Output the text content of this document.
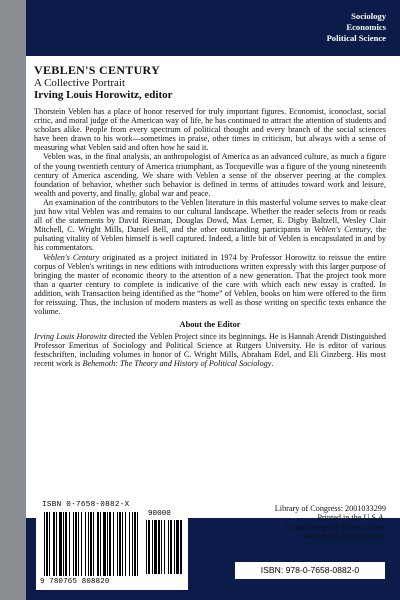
Sociology
Economics
Political Science
VEBLEN'S CENTURY
A Collective Portrait
Irving Louis Horowitz, editor

Thorstein Veblen has a place of honor reserved for truly important figures. Economist, iconoclast, social critic, and moral judge of the American way of life, he has continued to attract the attention of students and scholars alike. People from every spectrum of political thought and every branch of the social sciences have been drawn to his work—sometimes in praise, other times in criticism, but always with a sense of measuring what Veblen said and often how he said it.

Veblen was, in the final analysis, an anthropologist of America as an advanced culture, as much a figure of the young twentieth century of America triumphant, as Tocqueville was a figure of the young nineteenth century of America ascending. We share with Veblen a sense of the observer peering at the complex foundation of behavior, whether such behavior is defined in terms of attitudes toward work and leisure, wealth and poverty, and finally, global war and peace.

An examination of the contributors to the Veblen literature in this masterful volume serves to make clear just how vital Veblen was and remains to our cultural landscape. Whether the reader selects from or reads all of the statements by David Riesman, Douglas Dowd, Max Lerner, E. Digby Baltzell, Wesley Clair Mitchell, C. Wright Mills, Daniel Bell, and the other outstanding participants in Veblen's Century, the pulsating vitality of Veblen himself is well captured. Indeed, a little bit of Veblen is encapsulated in and by his commentators.

Veblen's Century originated as a project initiated in 1974 by Professor Horowitz to reissue the entire corpus of Veblen's writings in new editions with introductions written expressly with this larger purpose of bringing the master of economic theory to the attention of a new generation. That the project took more than a quarter century to complete is indicative of the care with which each new essay is crafted. In addition, with Transaction being identified as the “home” of Veblen, books on him were offered to the firm for reissuing. Thus, the inclusion of modern masters as well as those writing on specific texts enhance the volume.

About the Editor

Irving Louis Horowitz directed the Veblen Project since its beginnings. He is Hannah Arendt Distinguished Professor Emeritus of Sociology and Political Science at Rutgers University. He is editor of various festschriften, including volumes in honor of C. Wright Mills, Abraham Edel, and Eli Ginzberg. His most recent work is Behemoth: The Theory and History of Political Sociology.

ISBN 0-7658-0882-X
90000
9 780765 808820
Library of Congress: 2001033299
Printed in the U.S.A.
Cover design by Ellen F. Kane
www.transactionpub.com
ISBN: 978-0-7658-0882-0
